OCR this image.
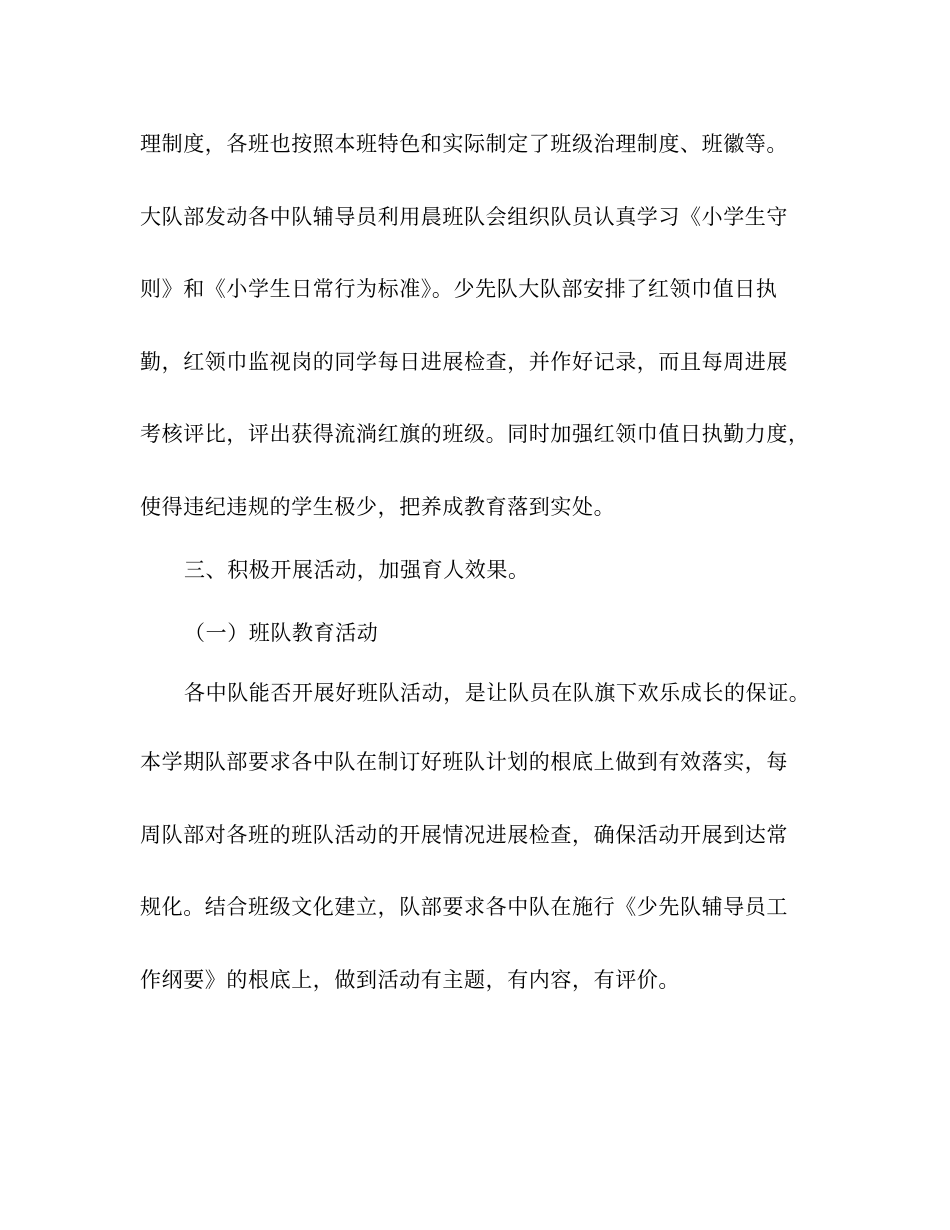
理制度，各班也按照本班特色和实际制定了班级治理制度、班徽等。

大队部发动各中队辅导员利用晨班队会组织队员认真学习《小学生守

则》和《小学生日常行为标准》。少先队大队部安排了红领巾值日执

勤，红领巾监视岗的同学每日进展检查，并作好记录，而且每周进展

考核评比，评出获得流淌红旗的班级。同时加强红领巾值日执勤力度，

使得违纪违规的学生极少，把养成教育落到实处。

三、积极开展活动，加强育人效果。

（一）班队教育活动

各中队能否开展好班队活动，是让队员在队旗下欢乐成长的保证。

本学期队部要求各中队在制订好班队计划的根底上做到有效落实，每

周队部对各班的班队活动的开展情况进展检查，确保活动开展到达常

规化。结合班级文化建立，队部要求各中队在施行《少先队辅导员工

作纲要》的根底上，做到活动有主题，有内容，有评价。
